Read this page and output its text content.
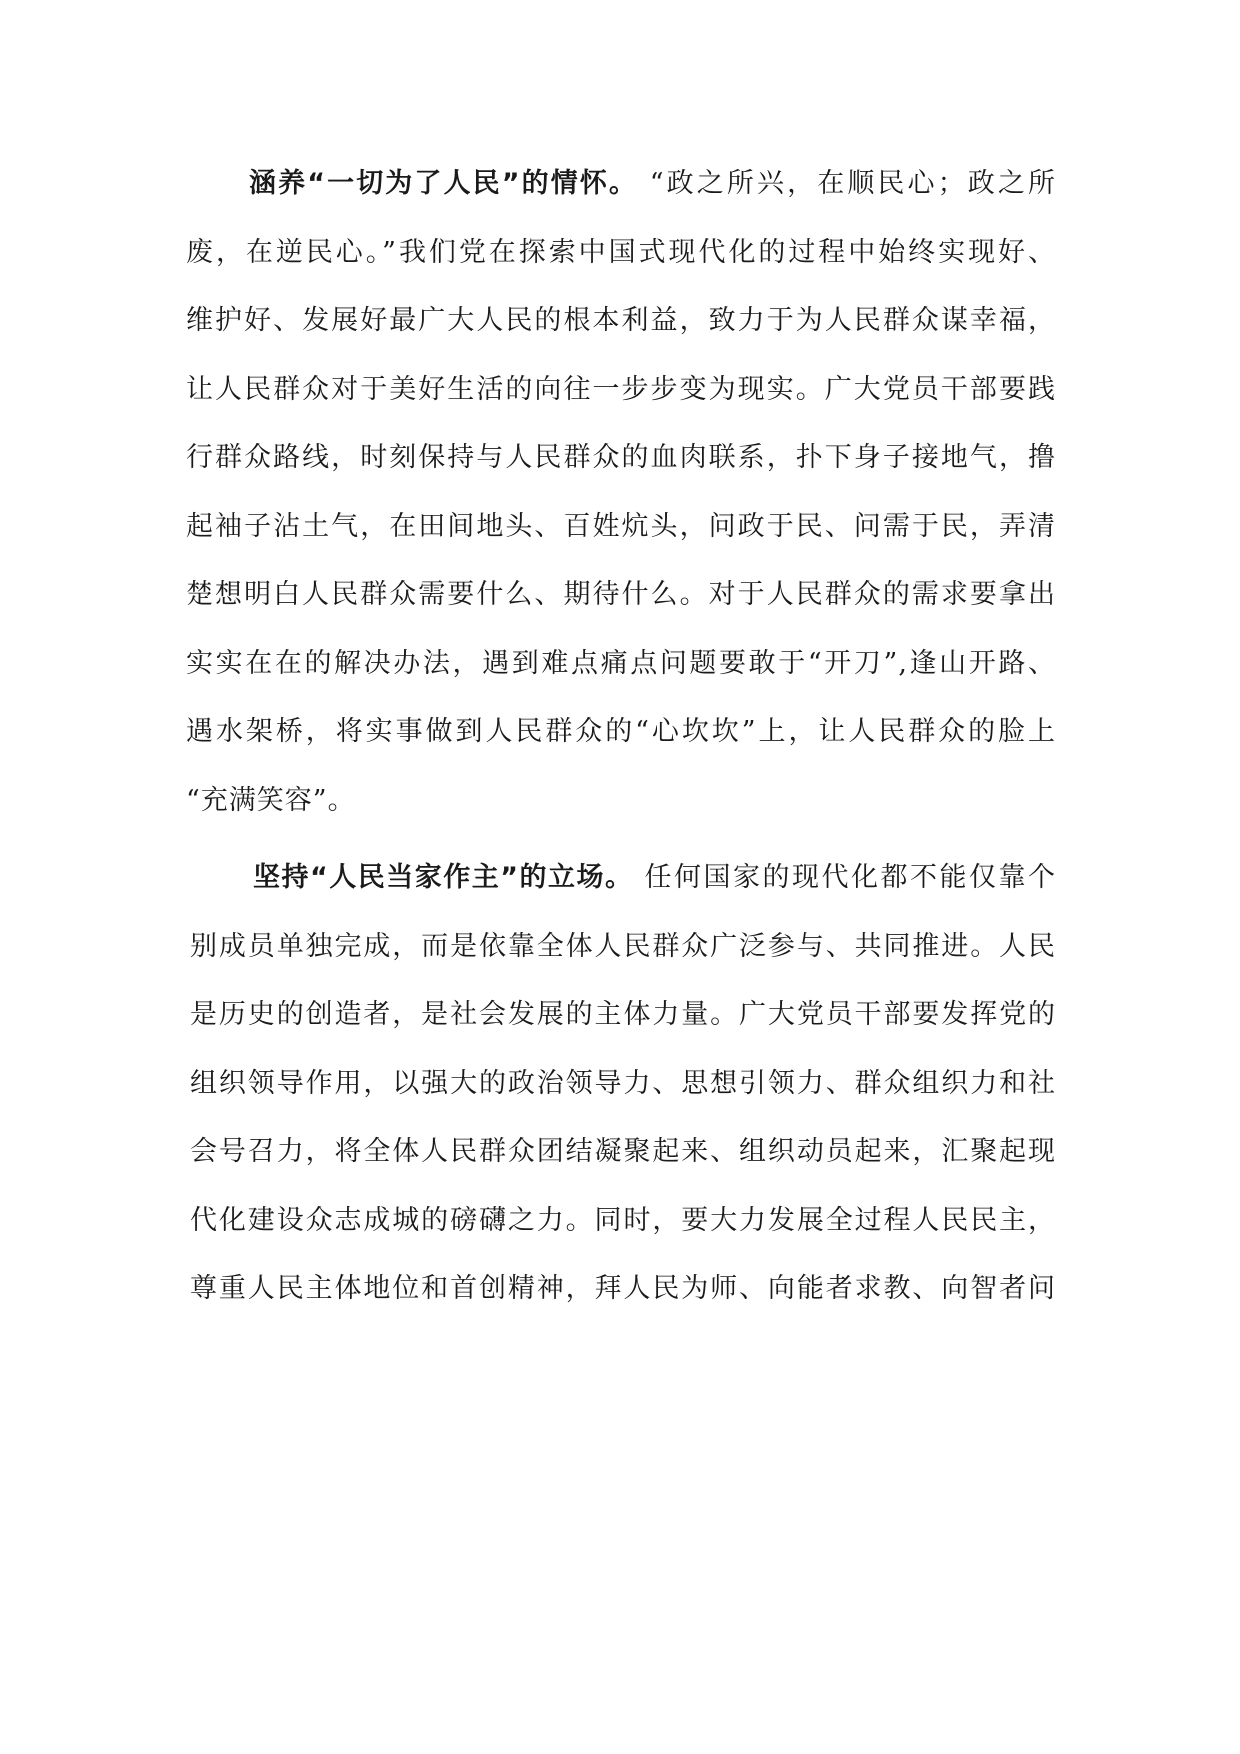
涵养“一切为了人民”的情怀。 “政之所兴，在顺民心；政之所
废，在逆民心。”我们党在探索中国式现代化的过程中始终实现好、
维护好、发展好最广大人民的根本利益，致力于为人民群众谋幸福，
让人民群众对于美好生活的向往一步步变为现实。广大党员干部要践
行群众路线，时刻保持与人民群众的血肉联系，扑下身子接地气，撸
起袖子沾土气，在田间地头、百姓炕头，问政于民、问需于民，弄清
楚想明白人民群众需要什么、期待什么。对于人民群众的需求要拿出
实实在在的解决办法，遇到难点痛点问题要敢于“开刀”,逢山开路、
遇水架桥，将实事做到人民群众的“心坎坎”上，让人民群众的脸上
“充满笑容”。
坚持“人民当家作主”的立场。 任何国家的现代化都不能仅靠个
别成员单独完成，而是依靠全体人民群众广泛参与、共同推进。人民
是历史的创造者，是社会发展的主体力量。广大党员干部要发挥党的
组织领导作用，以强大的政治领导力、思想引领力、群众组织力和社
会号召力，将全体人民群众团结凝聚起来、组织动员起来，汇聚起现
代化建设众志成城的磅礴之力。同时，要大力发展全过程人民民主，
尊重人民主体地位和首创精神，拜人民为师、向能者求教、向智者问
